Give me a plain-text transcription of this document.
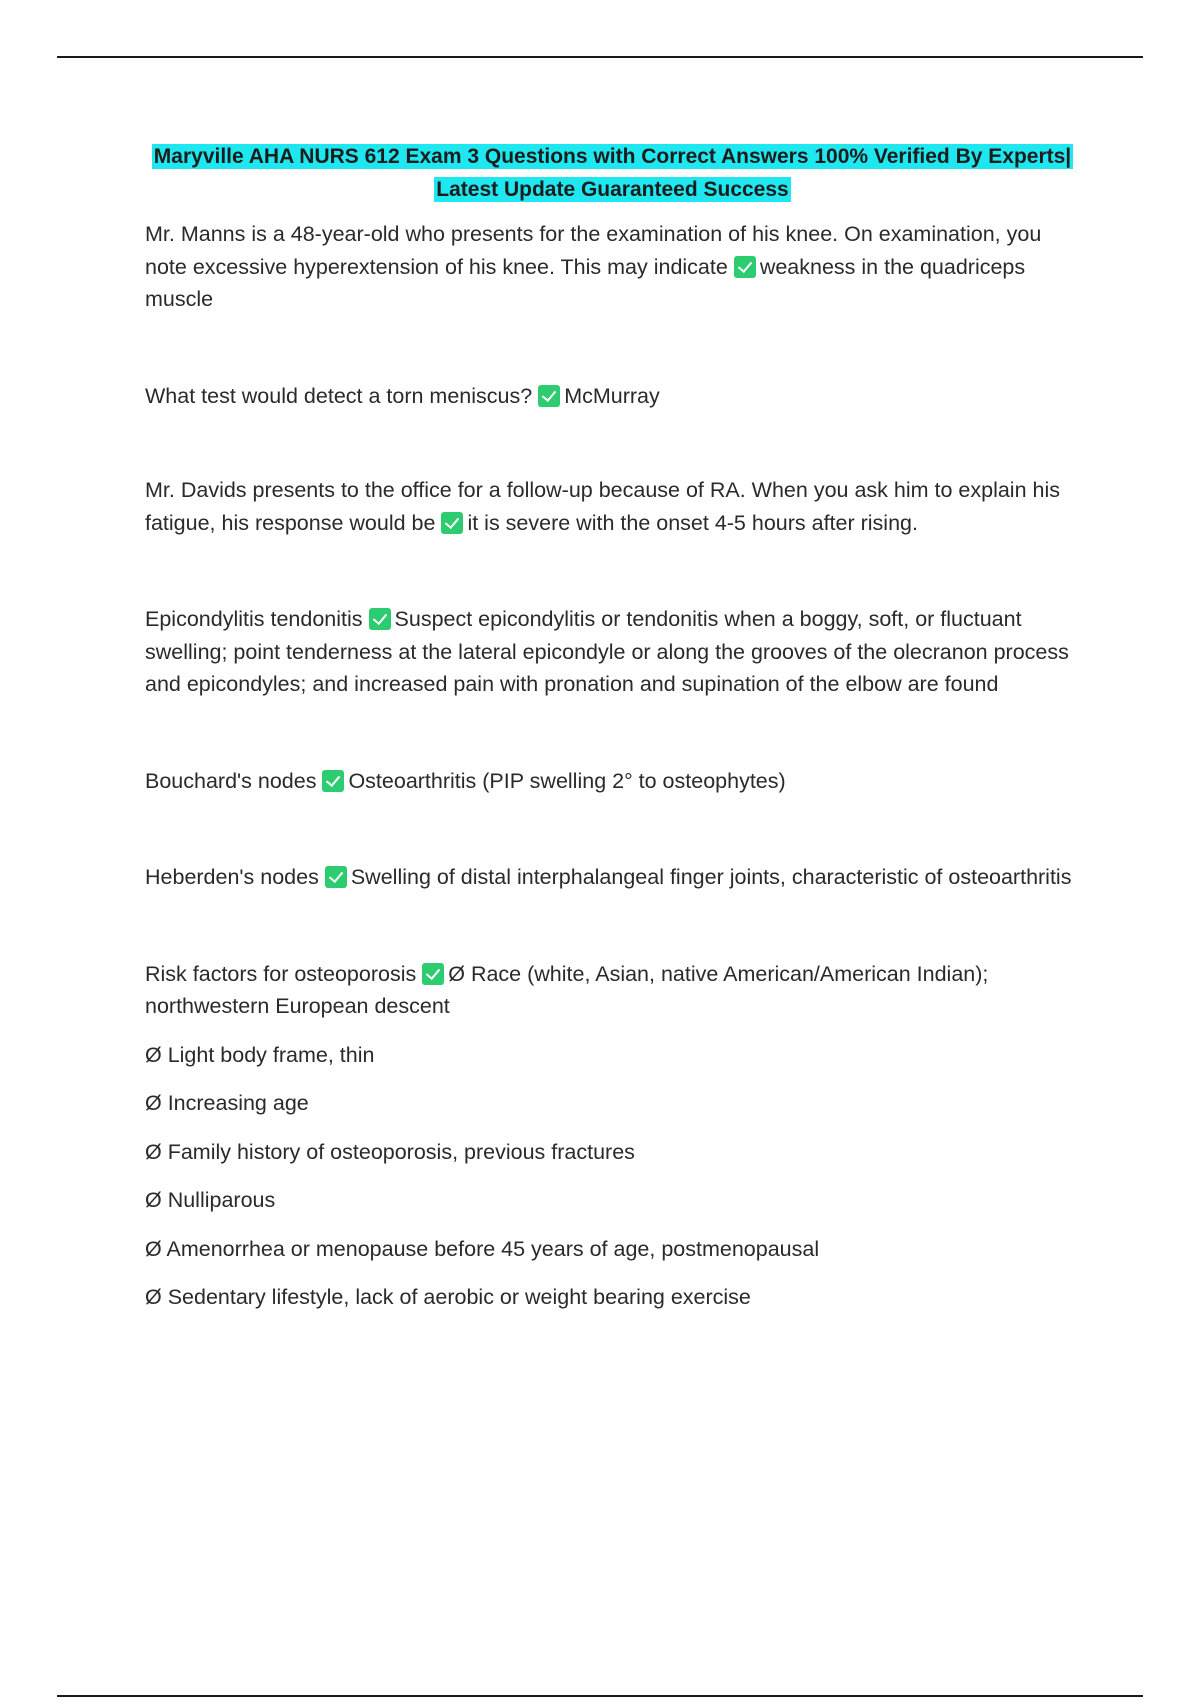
Maryville AHA NURS 612 Exam 3 Questions with Correct Answers 100% Verified By Experts|
Latest Update Guaranteed Success

Mr. Manns is a 48-year-old who presents for the examination of his knee. On examination, you note excessive hyperextension of his knee. This may indicate weakness in the quadriceps muscle

What test would detect a torn meniscus? McMurray

Mr. Davids presents to the office for a follow-up because of RA. When you ask him to explain his fatigue, his response would be it is severe with the onset 4-5 hours after rising.

Epicondylitis tendonitis Suspect epicondylitis or tendonitis when a boggy, soft, or fluctuant swelling; point tenderness at the lateral epicondyle or along the grooves of the olecranon process and epicondyles; and increased pain with pronation and supination of the elbow are found

Bouchard's nodes Osteoarthritis (PIP swelling 2° to osteophytes)

Heberden's nodes Swelling of distal interphalangeal finger joints, characteristic of osteoarthritis

Risk factors for osteoporosis Ø Race (white, Asian, native American/American Indian); northwestern European descent

Ø Light body frame, thin

Ø Increasing age

Ø Family history of osteoporosis, previous fractures

Ø Nulliparous

Ø Amenorrhea or menopause before 45 years of age, postmenopausal

Ø Sedentary lifestyle, lack of aerobic or weight bearing exercise
